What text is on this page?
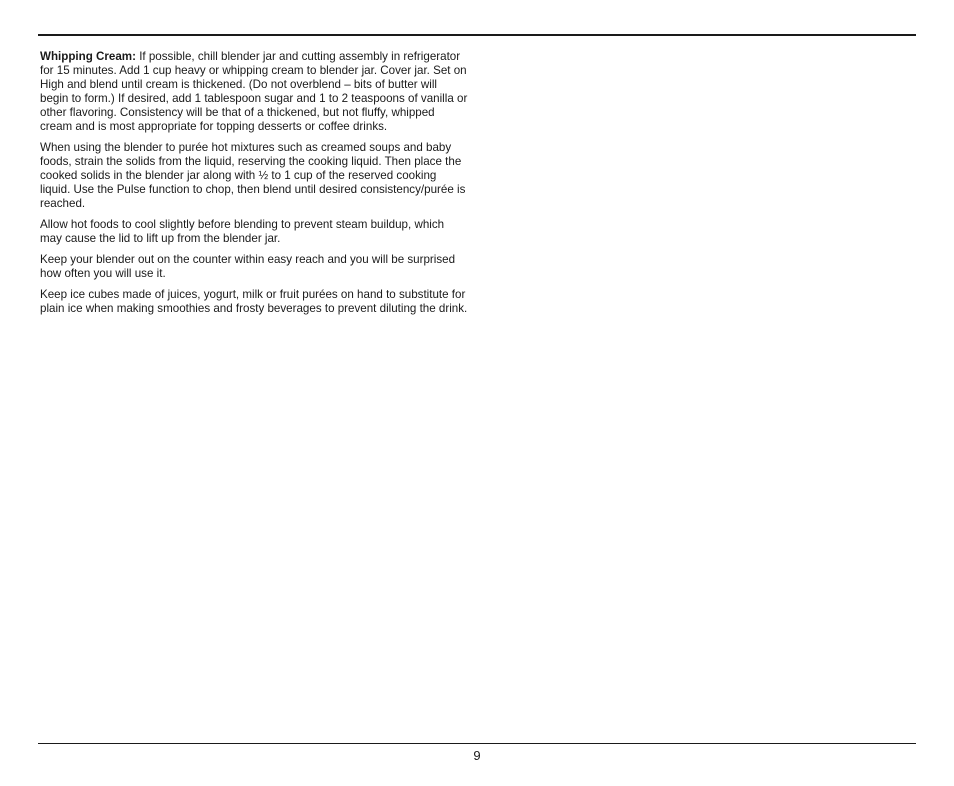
Whipping Cream: If possible, chill blender jar and cutting assembly in refrigerator for 15 minutes. Add 1 cup heavy or whipping cream to blender jar. Cover jar. Set on High and blend until cream is thickened. (Do not overblend – bits of butter will begin to form.) If desired, add 1 tablespoon sugar and 1 to 2 teaspoons of vanilla or other flavoring. Consistency will be that of a thickened, but not fluffy, whipped cream and is most appropriate for topping desserts or coffee drinks.

When using the blender to purée hot mixtures such as creamed soups and baby foods, strain the solids from the liquid, reserving the cooking liquid. Then place the cooked solids in the blender jar along with ½ to 1 cup of the reserved cooking liquid. Use the Pulse function to chop, then blend until desired consistency/purée is reached.

Allow hot foods to cool slightly before blending to prevent steam buildup, which may cause the lid to lift up from the blender jar.

Keep your blender out on the counter within easy reach and you will be surprised how often you will use it.

Keep ice cubes made of juices, yogurt, milk or fruit purées on hand to substitute for plain ice when making smoothies and frosty beverages to prevent diluting the drink.

9
